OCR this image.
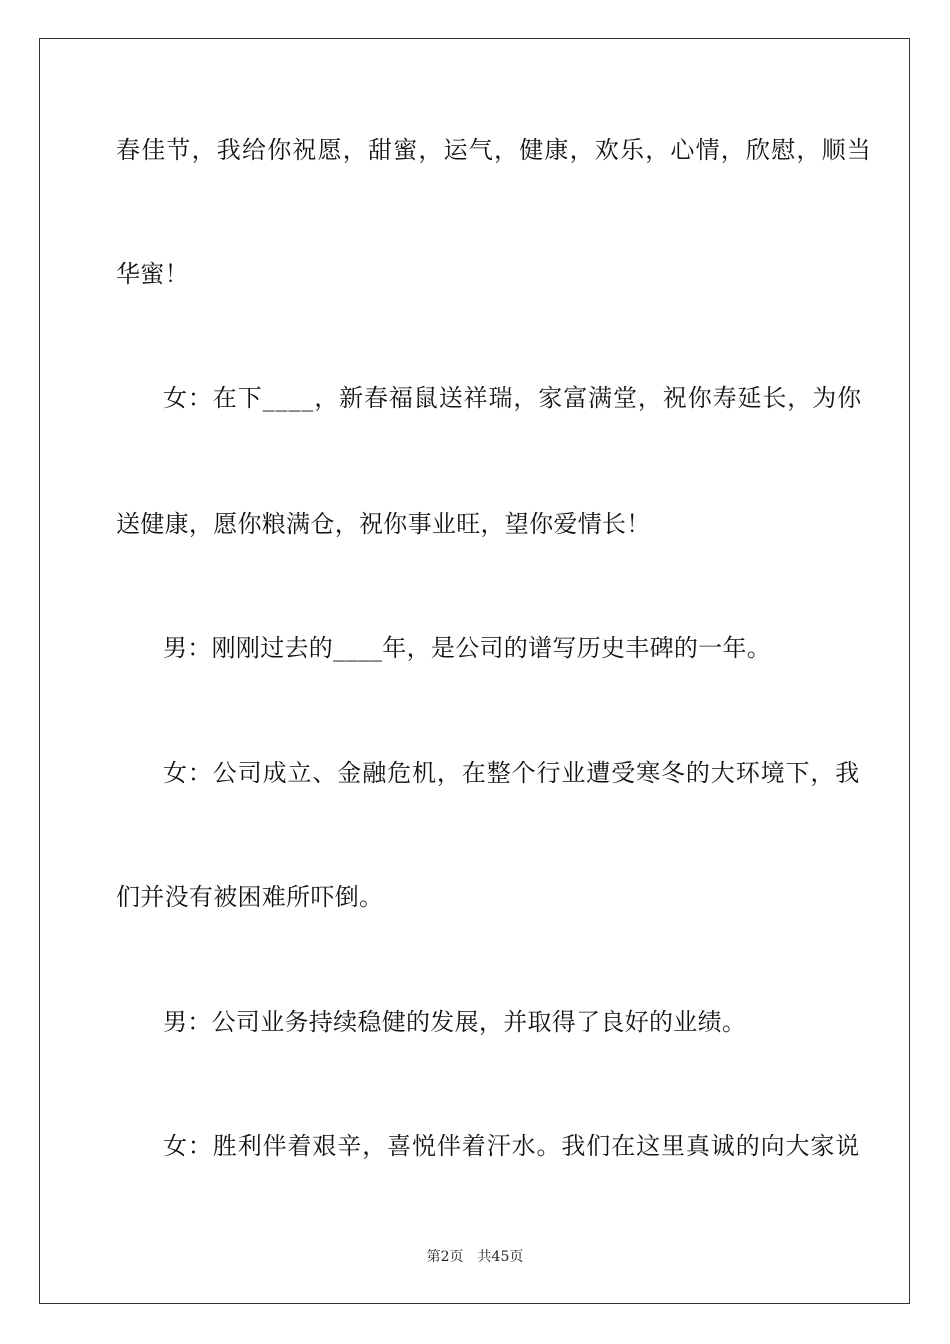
春佳节，我给你祝愿，甜蜜，运气，健康，欢乐，心情，欣慰，顺当
华蜜！
女：在下____，新春福鼠送祥瑞，家富满堂，祝你寿延长，为你
送健康，愿你粮满仓，祝你事业旺，望你爱情长！
男：刚刚过去的____年，是公司的谱写历史丰碑的一年。
女：公司成立、金融危机，在整个行业遭受寒冬的大环境下，我
们并没有被困难所吓倒。
男：公司业务持续稳健的发展，并取得了良好的业绩。
女：胜利伴着艰辛，喜悦伴着汗水。我们在这里真诚的向大家说
第2页 共45页
